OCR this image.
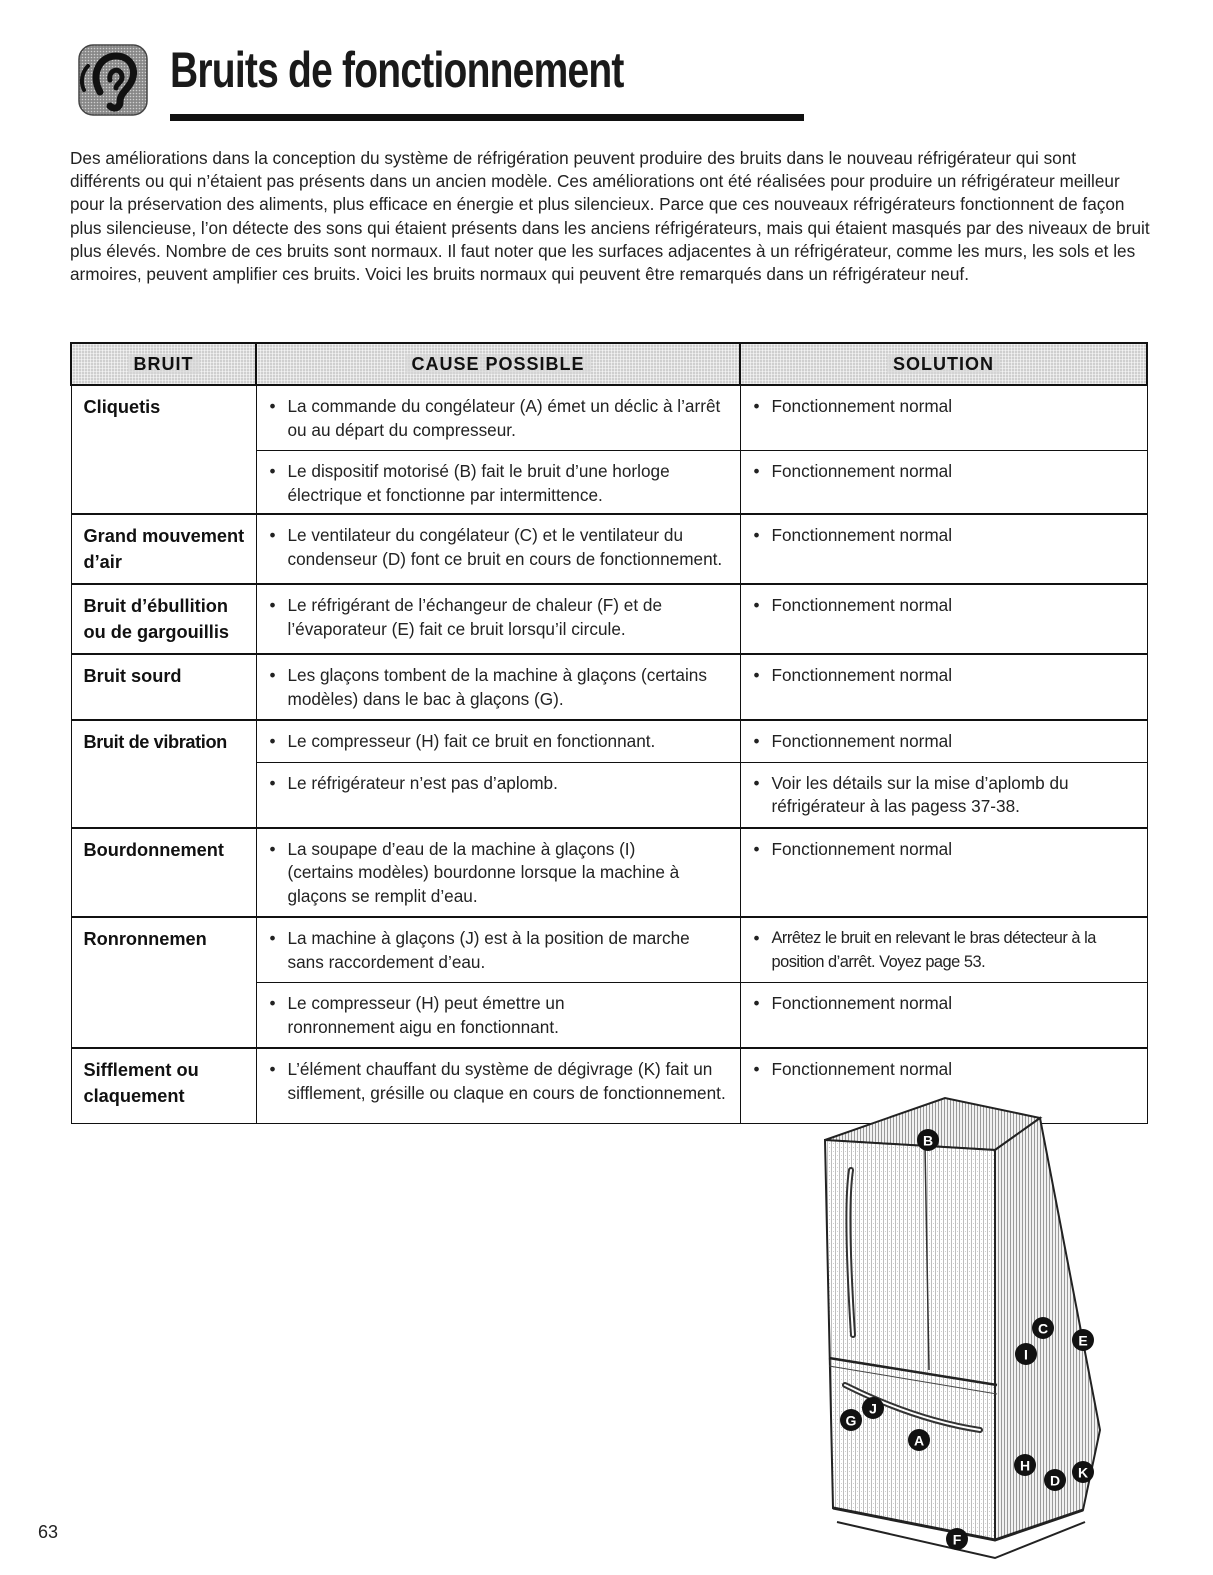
Bruits de fonctionnement

Des améliorations dans la conception du système de réfrigération peuvent produire des bruits dans le nouveau réfrigérateur qui sont différents ou qui n’étaient pas présents dans un ancien modèle. Ces améliorations ont été réalisées pour produire un réfrigérateur meilleur pour la préservation des aliments, plus efficace en énergie et plus silencieux. Parce que ces nouveaux réfrigérateurs fonctionnent de façon plus silencieuse, l’on détecte des sons qui étaient présents dans les anciens réfrigérateurs, mais qui étaient masqués par des niveaux de bruit plus élevés. Nombre de ces bruits sont normaux. Il faut noter que les surfaces adjacentes à un réfrigérateur, comme les murs, les sols et les armoires, peuvent amplifier ces bruits. Voici les bruits normaux qui peuvent être remarqués dans un réfrigérateur neuf.

BRUIT	CAUSE POSSIBLE	SOLUTION
Cliquetis	• La commande du congélateur (A) émet un déclic à l’arrêt ou au départ du compresseur.	• Fonctionnement normal

	• Le dispositif motorisé (B) fait le bruit d’une horloge électrique et fonctionne par intermittence.	• Fonctionnement normal

Grand mouvement d’air	• Le ventilateur du congélateur (C) et le ventilateur du condenseur (D) font ce bruit en cours de fonctionnement.	• Fonctionnement normal

Bruit d’ébullition ou de gargouillis	• Le réfrigérant de l’échangeur de chaleur (F) et de l’évaporateur (E) fait ce bruit lorsqu’il circule.	• Fonctionnement normal

Bruit sourd	• Les glaçons tombent de la machine à glaçons (certains modèles) dans le bac à glaçons (G).	• Fonctionnement normal

Bruit de vibration	• Le compresseur (H) fait ce bruit en fonctionnant.	• Fonctionnement normal

	• Le réfrigérateur n’est pas d’aplomb.	• Voir les détails sur la mise d’aplomb du réfrigérateur à las pagess 37-38.

Bourdonnement	• La soupape d’eau de la machine à glaçons (I) (certains modèles) bourdonne lorsque la machine à glaçons se remplit d’eau.	• Fonctionnement normal

Ronronnemen	• La machine à glaçons (J) est à la position de marche sans raccordement d’eau.	• Arrêtez le bruit en relevant le bras détecteur à la position d’arrêt. Voyez page 53.

	• Le compresseur (H) peut émettre un ronronnement aigu en fonctionnant.	• Fonctionnement normal

Sifflement ou claquement	• L’élément chauffant du système de dégivrage (K) fait un sifflement, grésille ou claque en cours de fonctionnement.	• Fonctionnement normal
B
C
E
I
G
J
A
H
D K
F
63
